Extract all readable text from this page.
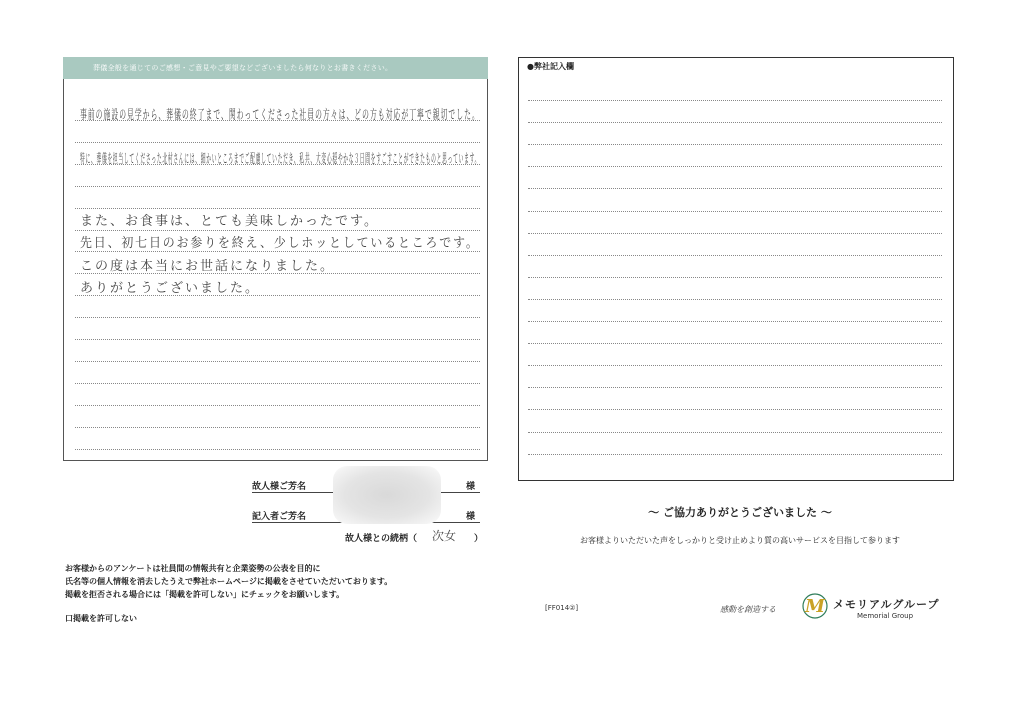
葬儀全般を通じてのご感想・ご意見やご要望などございましたら何なりとお書きください。
事前の施設の見学から、葬儀の終了まで、関わってくださった社員の方々は、どの方も対応が丁寧で親切でした。
特に、葬儀を担当してくださった北村さんには、細かいところまでご配慮していただき、私共、大変心穏やかな３日間をすごすことができたものと思っています。
また、お食事は、とても美味しかったです。
先日、初七日のお参りを終え、少しホッとしているところです。
この度は本当にお世話になりました。
ありがとうございました。
故人様ご芳名	様
記入者ご芳名	様
故人様との続柄（ 次女 ）
●弊社記入欄
～ ご協力ありがとうございました ～
お客様よりいただいた声をしっかりと受け止めより質の高いサービスを目指して参ります
お客様からのアンケートは社員間の情報共有と企業姿勢の公表を目的に
氏名等の個人情報を消去したうえで弊社ホームページに掲載をさせていただいております。
掲載を拒否される場合には「掲載を許可しない」にチェックをお願いします。
口掲載を許可しない
[FF014②]	感動を創造する M メモリアルグループ
Memorial Group
